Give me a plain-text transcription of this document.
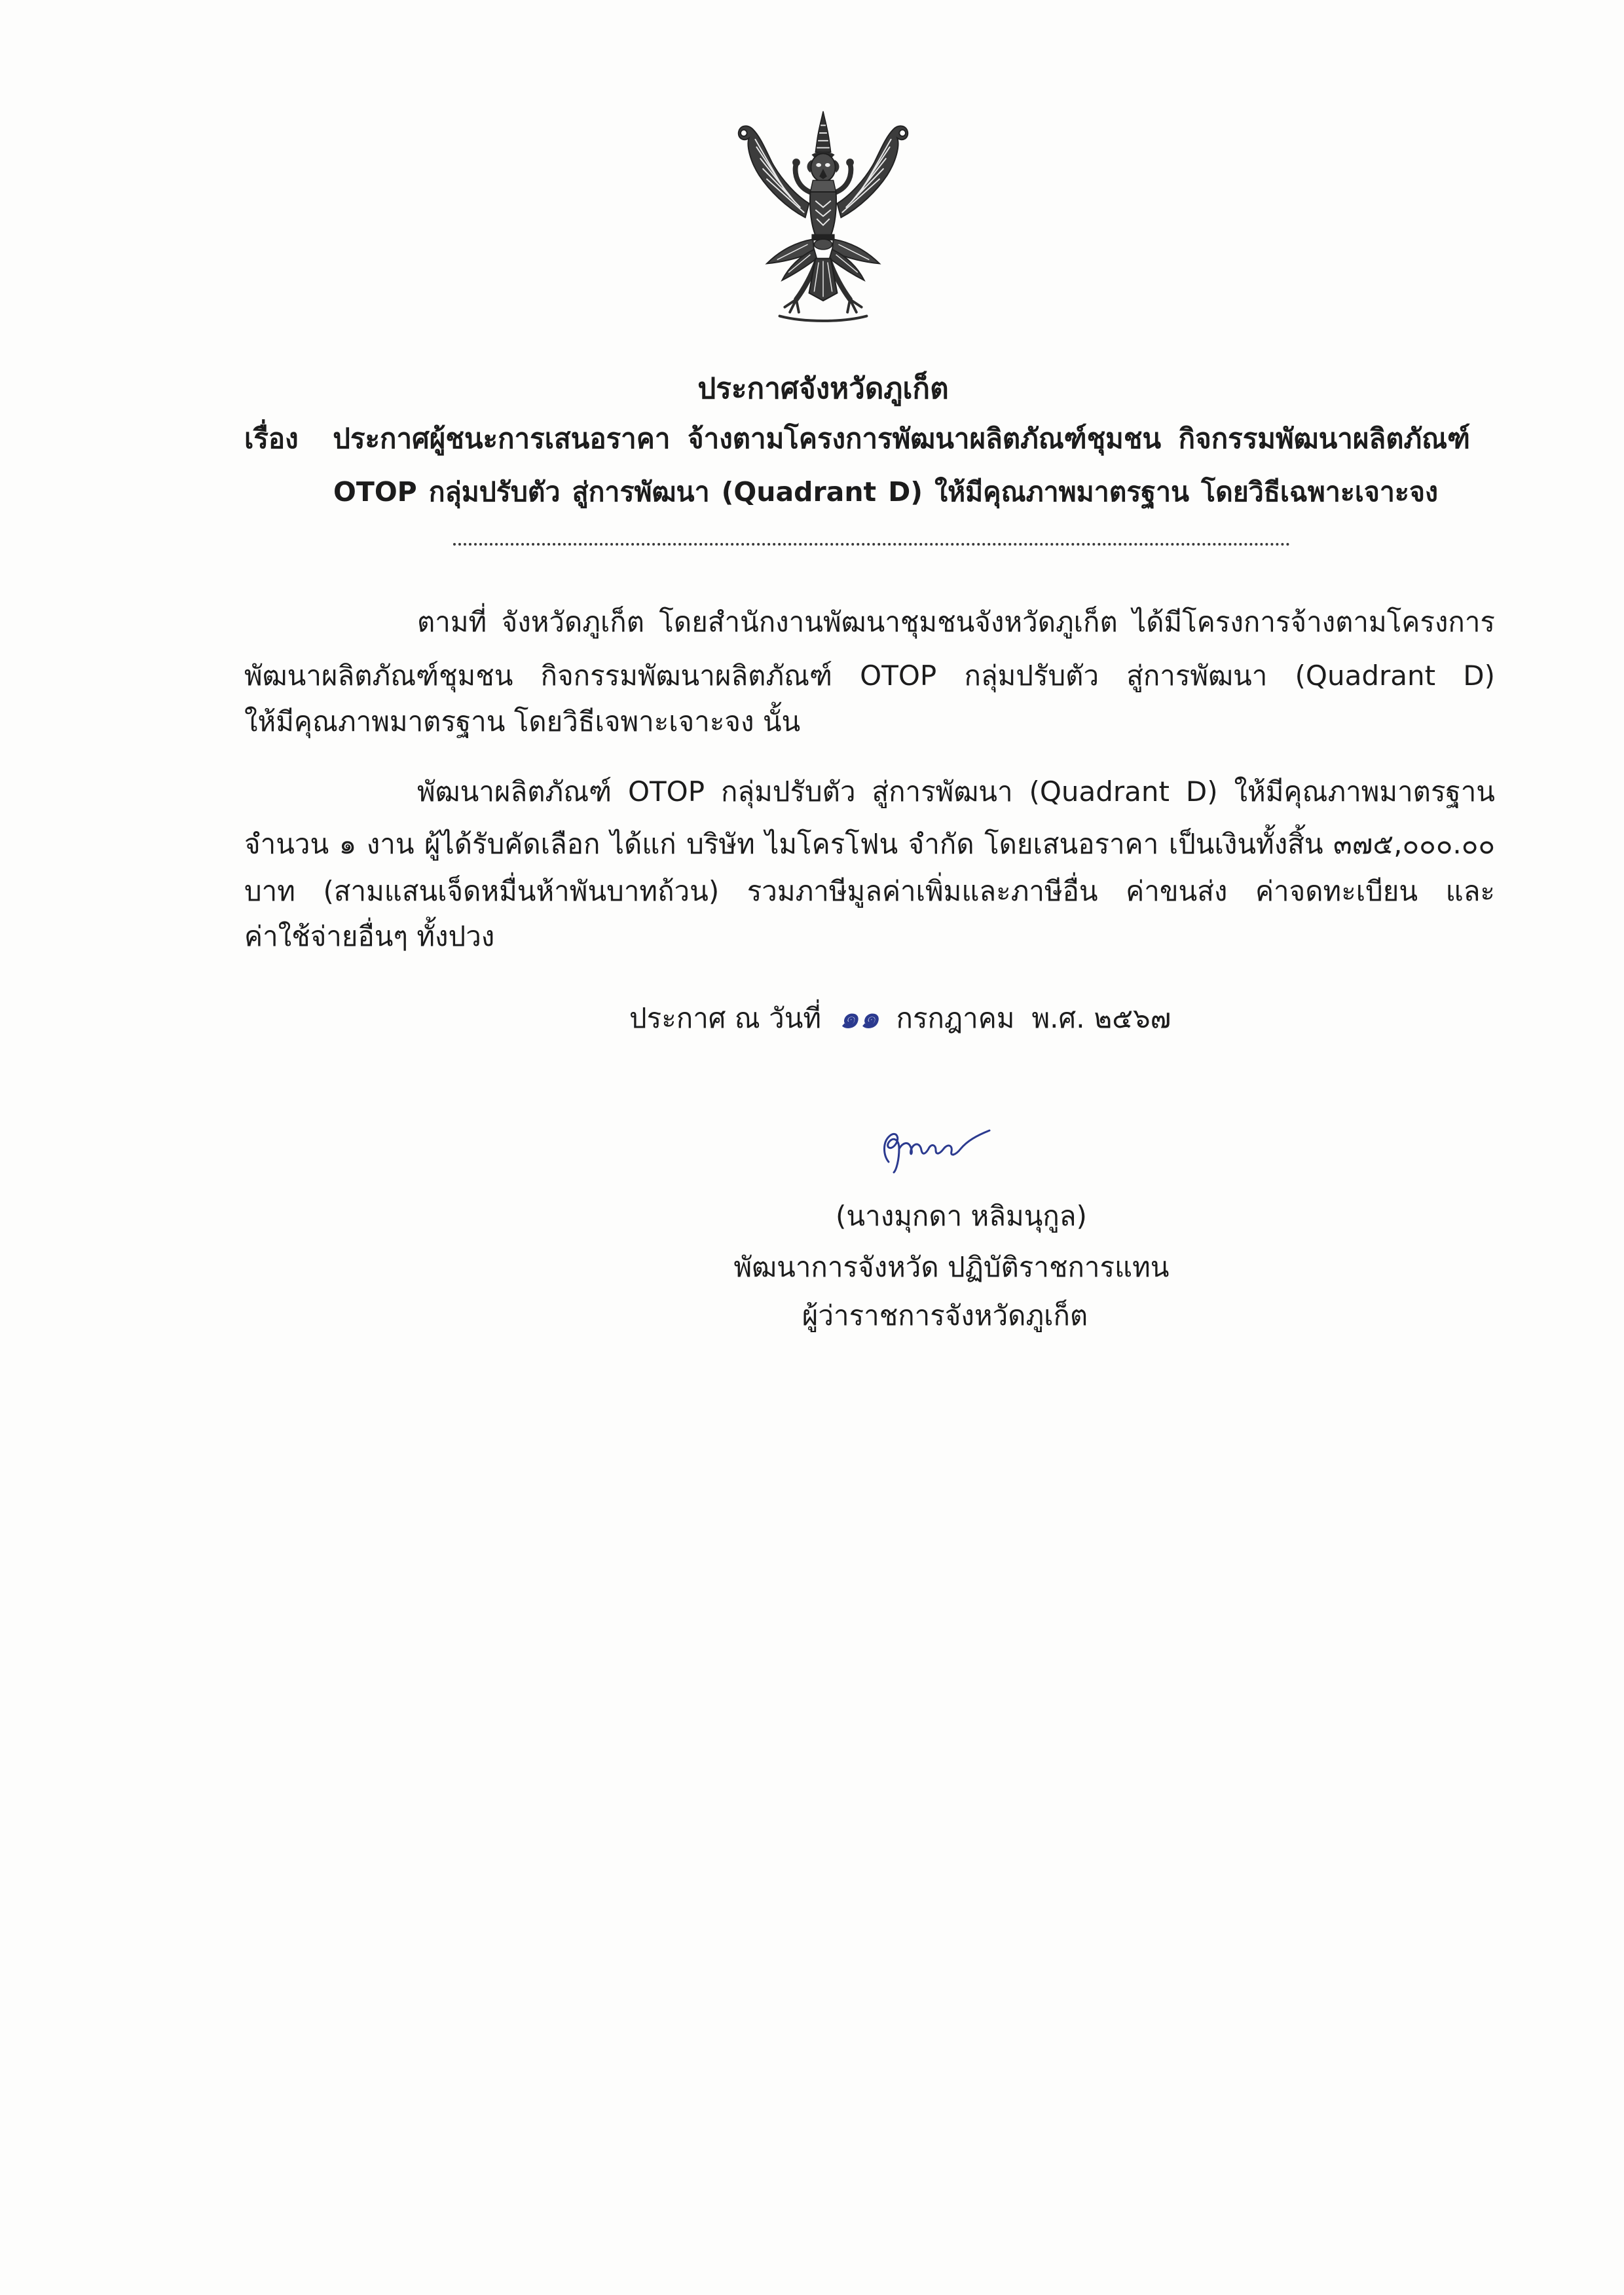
ประกาศจังหวัดภูเก็ต
เรื่อง ประกาศผู้ชนะการเสนอราคา จ้างตามโครงการพัฒนาผลิตภัณฑ์ชุมชน กิจกรรมพัฒนาผลิตภัณฑ์
OTOP กลุ่มปรับตัว สู่การพัฒนา (Quadrant D) ให้มีคุณภาพมาตรฐาน โดยวิธีเฉพาะเจาะจง
ตามที่ จังหวัดภูเก็ต โดยสำนักงานพัฒนาชุมชนจังหวัดภูเก็ต ได้มีโครงการจ้างตามโครงการ
พัฒนาผลิตภัณฑ์ชุมชน กิจกรรมพัฒนาผลิตภัณฑ์ OTOP กลุ่มปรับตัว สู่การพัฒนา (Quadrant D)
ให้มีคุณภาพมาตรฐาน โดยวิธีเจพาะเจาะจง นั้น
พัฒนาผลิตภัณฑ์ OTOP กลุ่มปรับตัว สู่การพัฒนา (Quadrant D) ให้มีคุณภาพมาตรฐาน
จำนวน ๑ งาน ผู้ได้รับคัดเลือก ได้แก่ บริษัท ไมโครโฟน จำกัด โดยเสนอราคา เป็นเงินทั้งสิ้น ๓๗๕,๐๐๐.๐๐
บาท (สามแสนเจ็ดหมื่นห้าพันบาทถ้วน) รวมภาษีมูลค่าเพิ่มและภาษีอื่น ค่าขนส่ง ค่าจดทะเบียน และ
ค่าใช้จ่ายอื่นๆ ทั้งปวง
ประกาศ ณ วันที่ ๑๑ กรกฎาคม พ.ศ. ๒๕๖๗
(นางมุกดา หลิมนุกูล)
พัฒนาการจังหวัด ปฏิบัติราชการแทน
ผู้ว่าราชการจังหวัดภูเก็ต
